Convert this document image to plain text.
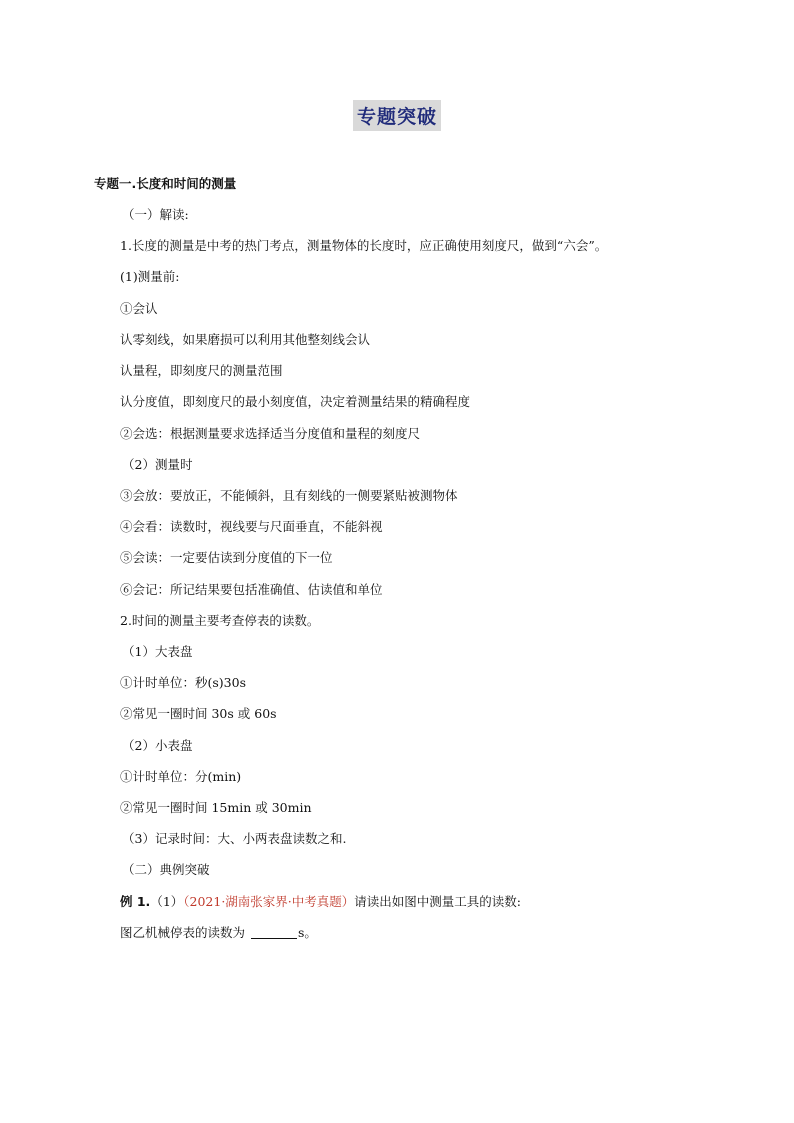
专题突破
专题一.长度和时间的测量
（一）解读:
1.长度的测量是中考的热门考点，测量物体的长度时，应正确使用刻度尺，做到“六会”。
(1)测量前:
①会认
认零刻线，如果磨损可以利用其他整刻线会认
认量程，即刻度尺的测量范围
认分度值，即刻度尺的最小刻度值，决定着测量结果的精确程度
②会选：根据测量要求选择适当分度值和量程的刻度尺
（2）测量时
③会放：要放正，不能倾斜，且有刻线的一侧要紧贴被测物体
④会看：读数时，视线要与尺面垂直，不能斜视
⑤会读：一定要估读到分度值的下一位
⑥会记：所记结果要包括准确值、估读值和单位
2.时间的测量主要考查停表的读数。
（1）大表盘
①计时单位：秒(s)30s
②常见一圈时间 30s 或 60s
（2）小表盘
①计时单位：分(min)
②常见一圈时间 15min 或 30min
（3）记录时间：大、小两表盘读数之和.
（二）典例突破
例 1.（1）（2021·湖南张家界·中考真题）请读出如图中测量工具的读数:
图乙机械停表的读数为	s。
